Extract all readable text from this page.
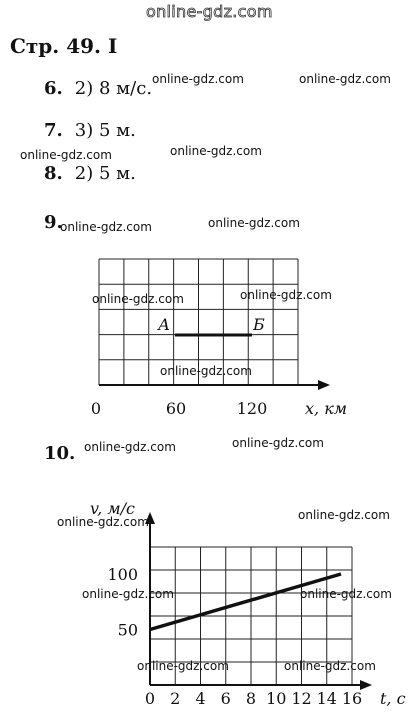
online-gdz.com
Стр. 49. I
6. 2) 8 м/с.
7. 3) 5 м.
8. 2) 5 м.
9.
10.
online-gdz.com	online-gdz.com
online-gdz.com	online-gdz.com
online-gdz.com	online-gdz.com
online-gdz.com	online-gdz.com
online-gdz.com
0	60	120 x, км
А	Б
online-gdz.com	online-gdz.com
online-gdz.com
0 2 4 6 8 10 12 14 16
50
100
t, с
v, м/с
online-gdz.com
online-gdz.com	online-gdz.com
online-gdz.com	online-gdz.com
